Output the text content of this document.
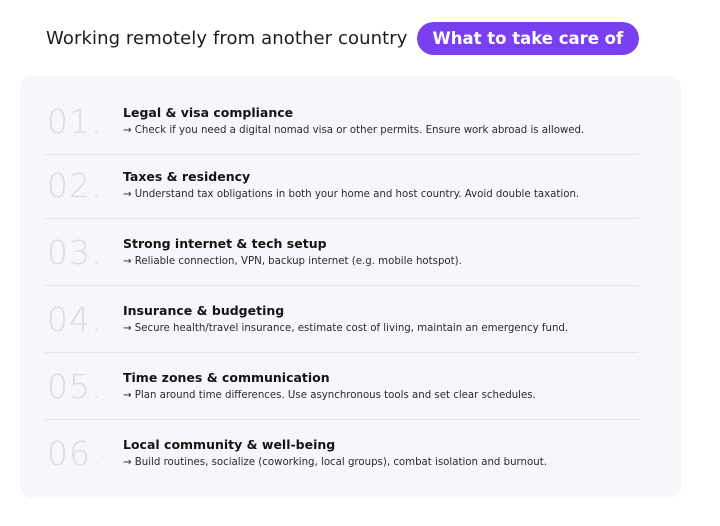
Working remotely from another country	What to take care of
01. Legal & visa compliance
→ Check if you need a digital nomad visa or other permits. Ensure work abroad is allowed.
02. Taxes & residency
→ Understand tax obligations in both your home and host country. Avoid double taxation.
03. Strong internet & tech setup
→ Reliable connection, VPN, backup internet (e.g. mobile hotspot).
04. Insurance & budgeting
→ Secure health/travel insurance, estimate cost of living, maintain an emergency fund.
05. Time zones & communication
→ Plan around time differences. Use asynchronous tools and set clear schedules.
06. Local community & well-being
→ Build routines, socialize (coworking, local groups), combat isolation and burnout.
